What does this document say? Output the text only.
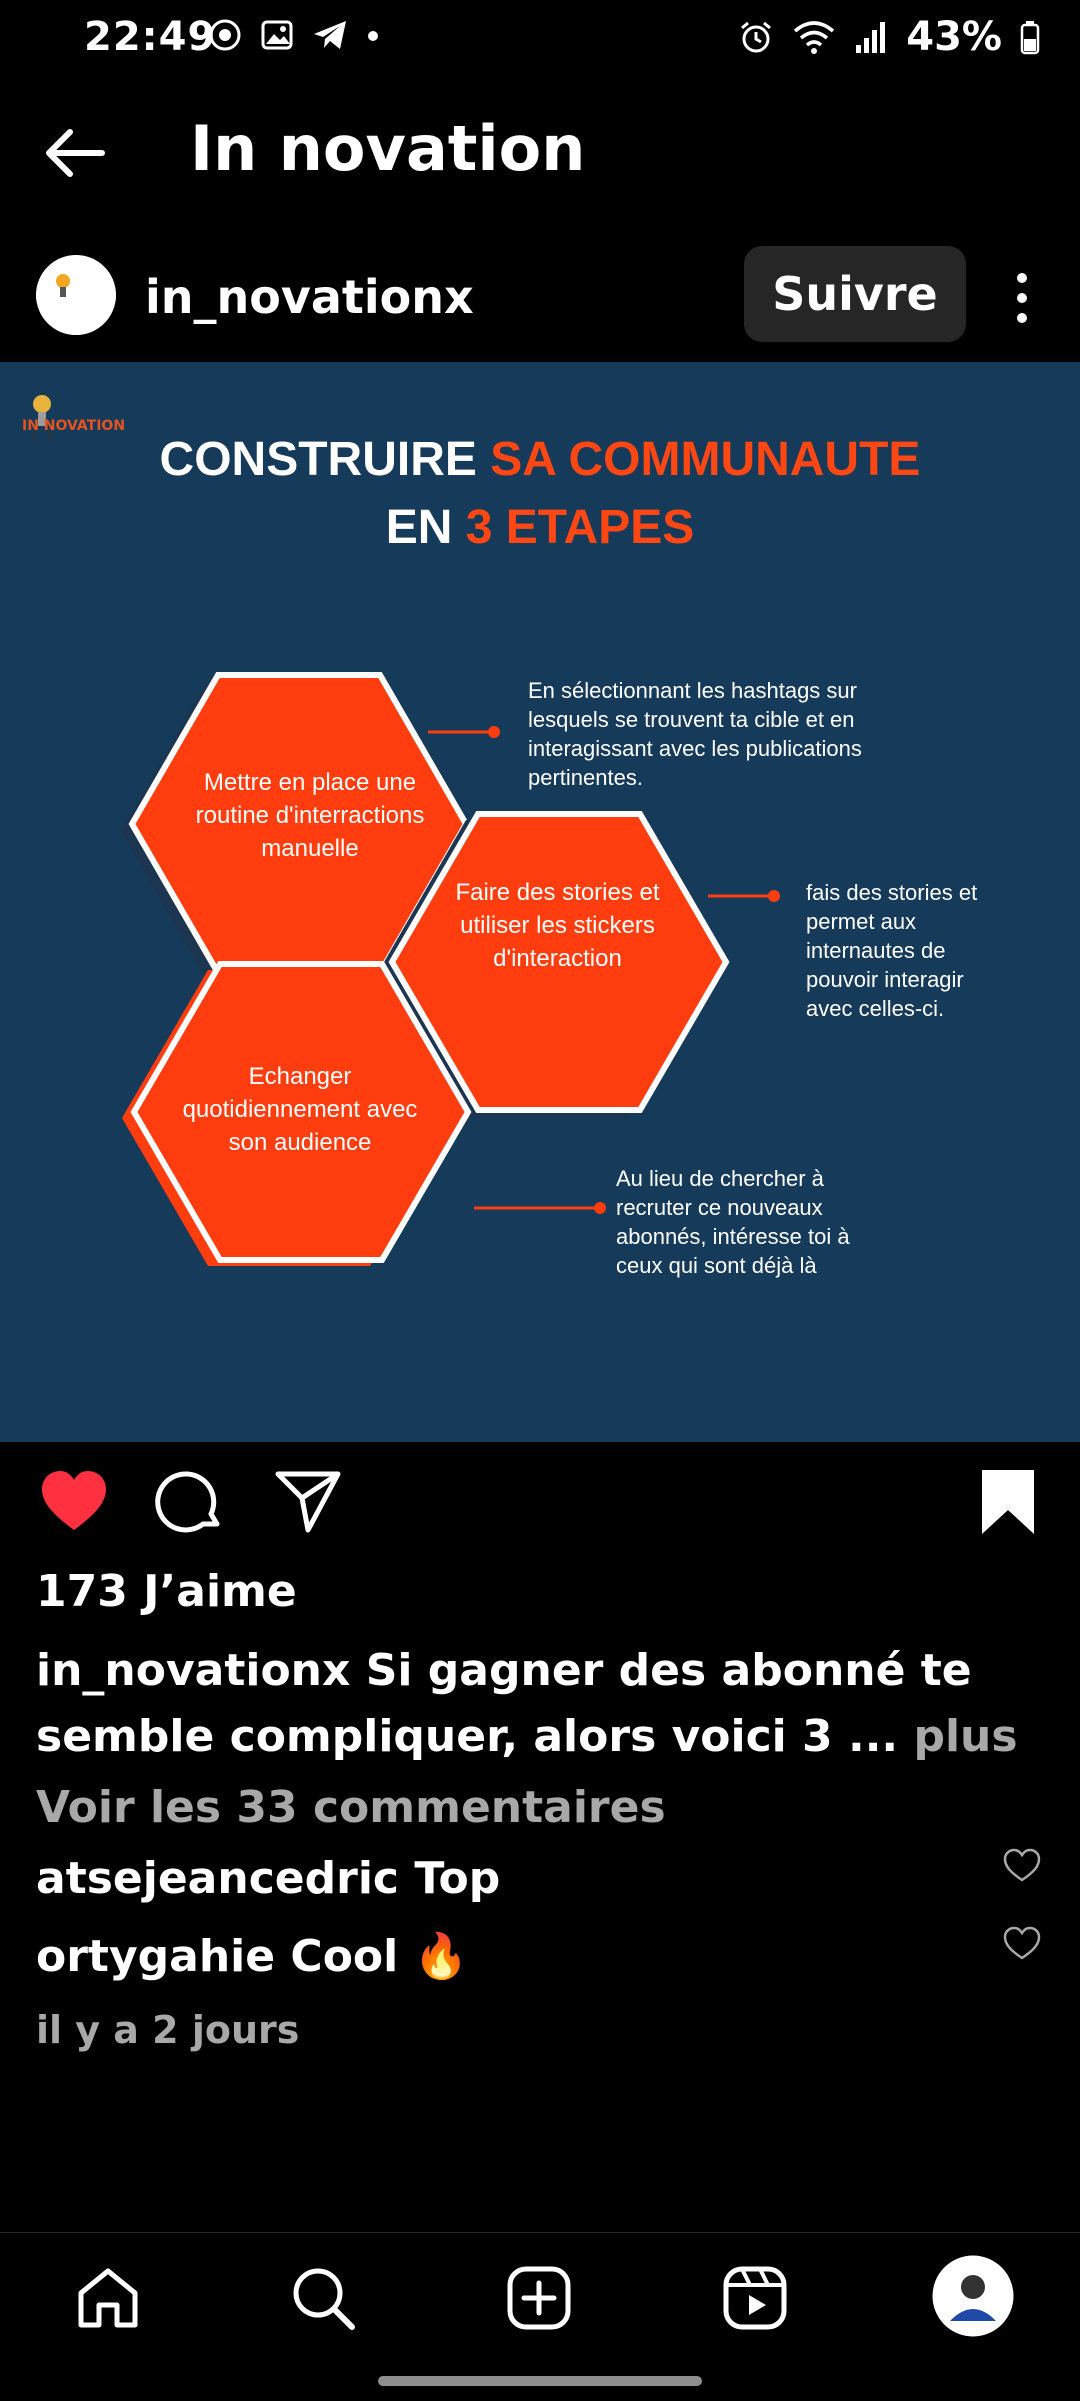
22:49	43%
In novation
in_novationx	Suivre
IN NOVATION
CONSTRUIRE SA COMMUNAUTE
EN 3 ETAPES
Mettre en place une routine d'interractions manuelle
Faire des stories et utiliser les stickers d'interaction
Echanger quotidiennement avec son audience
En sélectionnant les hashtags sur lesquels se trouvent ta cible et en interagissant avec les publications pertinentes.
fais des stories et permet aux internautes de pouvoir interagir avec celles-ci.
Au lieu de chercher à recruter ce nouveaux abonnés, intéresse toi à ceux qui sont déjà là
173 J’aime
in_novationx Si gagner des abonné te semble compliquer, alors voici 3 ... plus
Voir les 33 commentaires
atsejeancedric Top
ortygahie Cool 🔥
il y a 2 jours
